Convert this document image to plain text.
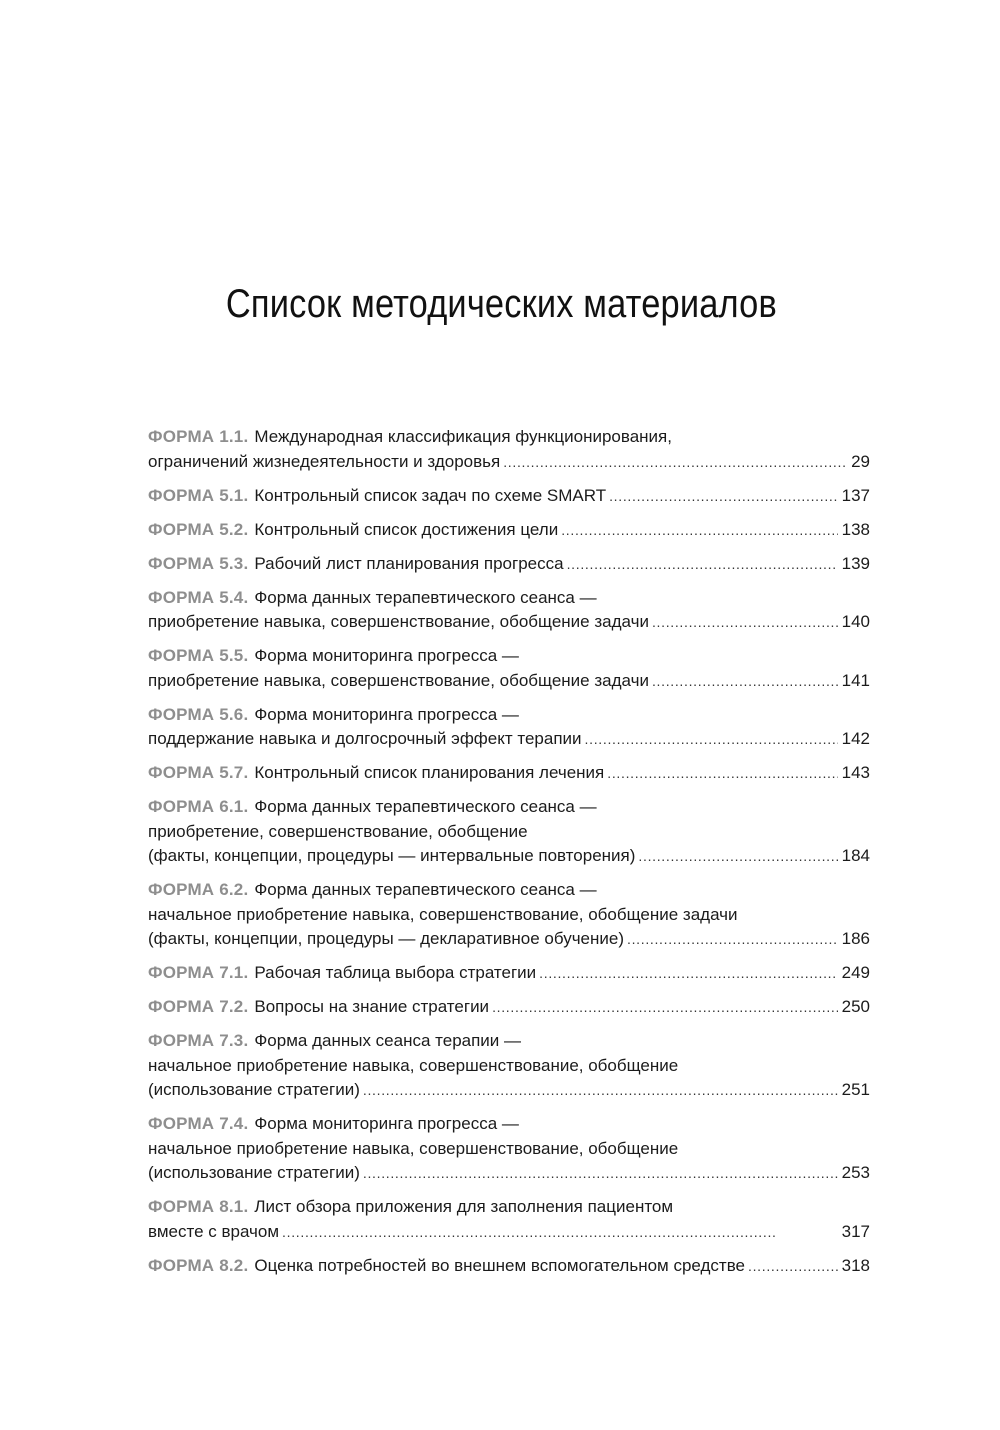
Список методических материалов
ФОРМА 1.1. Международная классификация функционирования,
ограничений жизнедеятельности и здоровья . . .	29
ФОРМА 5.1. Контрольный список задач по схеме SMART . . .	137
ФОРМА 5.2. Контрольный список достижения цели . . .	138
ФОРМА 5.3. Рабочий лист планирования прогресса . . .	139
ФОРМА 5.4. Форма данных терапевтического сеанса —
приобретение навыка, совершенствование, обобщение задачи . . .	140
ФОРМА 5.5. Форма мониторинга прогресса —
приобретение навыка, совершенствование, обобщение задачи . . .	141
ФОРМА 5.6. Форма мониторинга прогресса —
поддержание навыка и долгосрочный эффект терапии . . .	142
ФОРМА 5.7. Контрольный список планирования лечения . . .	143
ФОРМА 6.1. Форма данных терапевтического сеанса —
приобретение, совершенствование, обобщение
(факты, концепции, процедуры — интервальные повторения) . . .	184
ФОРМА 6.2. Форма данных терапевтического сеанса —
начальное приобретение навыка, совершенствование, обобщение задачи
(факты, концепции, процедуры — декларативное обучение) . . .	186
ФОРМА 7.1. Рабочая таблица выбора стратегии . . .	249
ФОРМА 7.2. Вопросы на знание стратегии . . .	250
ФОРМА 7.3. Форма данных сеанса терапии —
начальное приобретение навыка, совершенствование, обобщение
(использование стратегии) . . .	251
ФОРМА 7.4. Форма мониторинга прогресса —
начальное приобретение навыка, совершенствование, обобщение
(использование стратегии) . . .	253
ФОРМА 8.1. Лист обзора приложения для заполнения пациентом
вместе с врачом . . .	317
ФОРМА 8.2. Оценка потребностей во внешнем вспомогательном средстве . . .	318
